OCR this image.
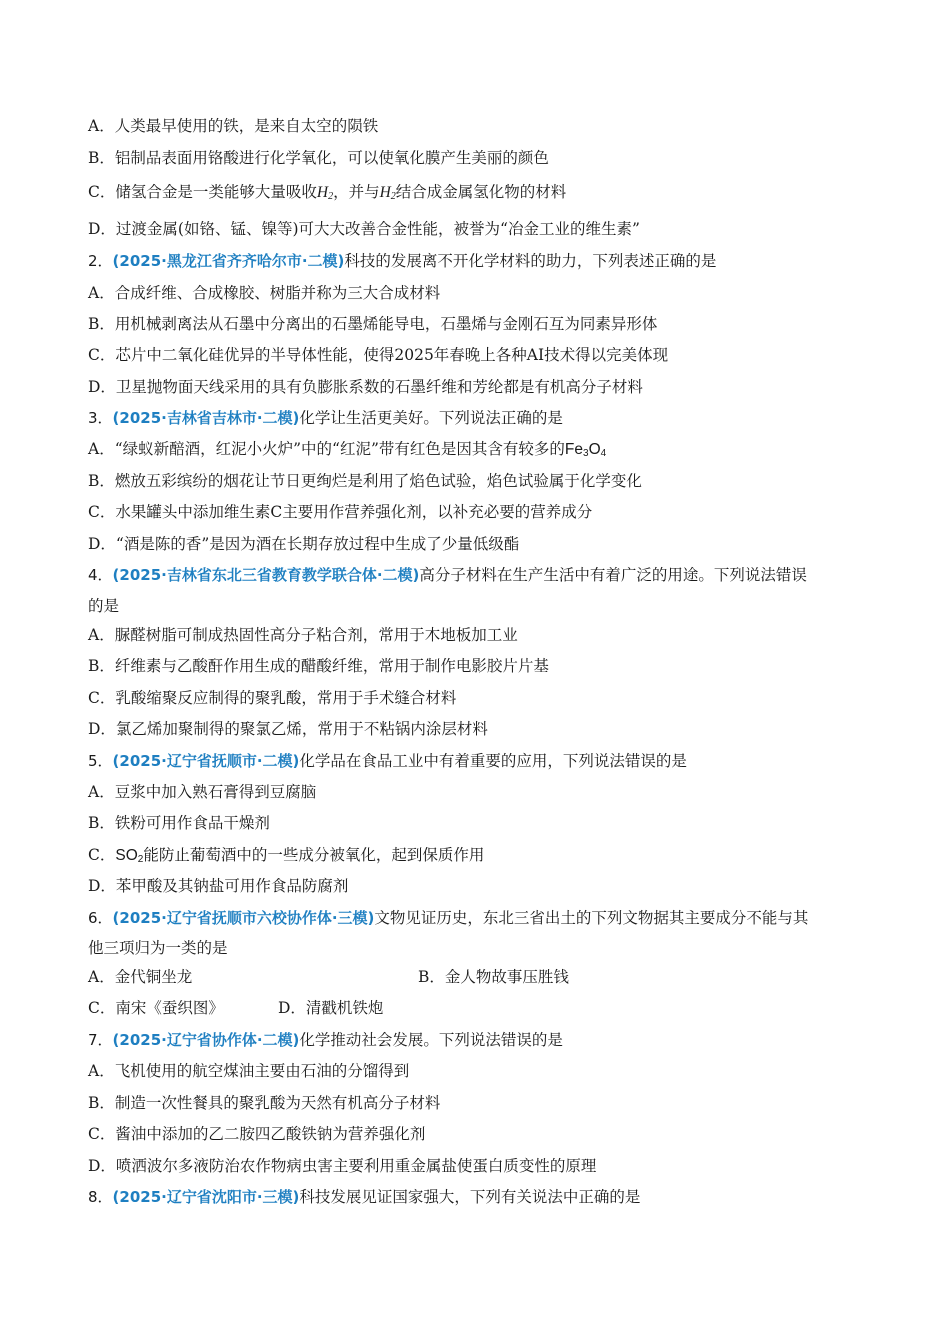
A．人类最早使用的铁，是来自太空的陨铁
B．铝制品表面用铬酸进行化学氧化，可以使氧化膜产生美丽的颜色
C．储氢合金是一类能够大量吸收$H_2$，并与$H_2$结合成金属氢化物的材料
D．过渡金属(如铬、锰、镍等)可大大改善合金性能，被誉为“冶金工业的维生素”
2．(2025·黑龙江省齐齐哈尔市·二模)科技的发展离不开化学材料的助力，下列表述正确的是
A．合成纤维、合成橡胶、树脂并称为三大合成材料
B．用机械剥离法从石墨中分离出的石墨烯能导电，石墨烯与金刚石互为同素异形体
C．芯片中二氧化硅优异的半导体性能，使得2025年春晚上各种AI技术得以完美体现
D．卫星抛物面天线采用的具有负膨胀系数的石墨纤维和芳纶都是有机高分子材料
3．(2025·吉林省吉林市·二模)化学让生活更美好。下列说法正确的是
A．“绿蚁新醅酒，红泥小火炉”中的“红泥”带有红色是因其含有较多的$Fe_3O_4$
B．燃放五彩缤纷的烟花让节日更绚烂是利用了焰色试验，焰色试验属于化学变化
C．水果罐头中添加维生素C主要用作营养强化剂，以补充必要的营养成分
D．“酒是陈的香”是因为酒在长期存放过程中生成了少量低级酯
4．(2025·吉林省东北三省教育教学联合体·二模)高分子材料在生产生活中有着广泛的用途。下列说法错误
的是
A．脲醛树脂可制成热固性高分子粘合剂，常用于木地板加工业
B．纤维素与乙酸酐作用生成的醋酸纤维，常用于制作电影胶片片基
C．乳酸缩聚反应制得的聚乳酸，常用于手术缝合材料
D．氯乙烯加聚制得的聚氯乙烯，常用于不粘锅内涂层材料
5．(2025·辽宁省抚顺市·二模)化学品在食品工业中有着重要的应用，下列说法错误的是
A．豆浆中加入熟石膏得到豆腐脑
B．铁粉可用作食品干燥剂
C．$SO_2$能防止葡萄酒中的一些成分被氧化，起到保质作用
D．苯甲酸及其钠盐可用作食品防腐剂
6．(2025·辽宁省抚顺市六校协作体·三模)文物见证历史，东北三省出土的下列文物据其主要成分不能与其
他三项归为一类的是
A．金代铜坐龙	B．金人物故事压胜钱
C．南宋《蚕织图》	D．清戳机铁炮
7．(2025·辽宁省协作体·二模)化学推动社会发展。下列说法错误的是
A．飞机使用的航空煤油主要由石油的分馏得到
B．制造一次性餐具的聚乳酸为天然有机高分子材料
C．酱油中添加的乙二胺四乙酸铁钠为营养强化剂
D．喷洒波尔多液防治农作物病虫害主要利用重金属盐使蛋白质变性的原理
8．(2025·辽宁省沈阳市·三模)科技发展见证国家强大，下列有关说法中正确的是
